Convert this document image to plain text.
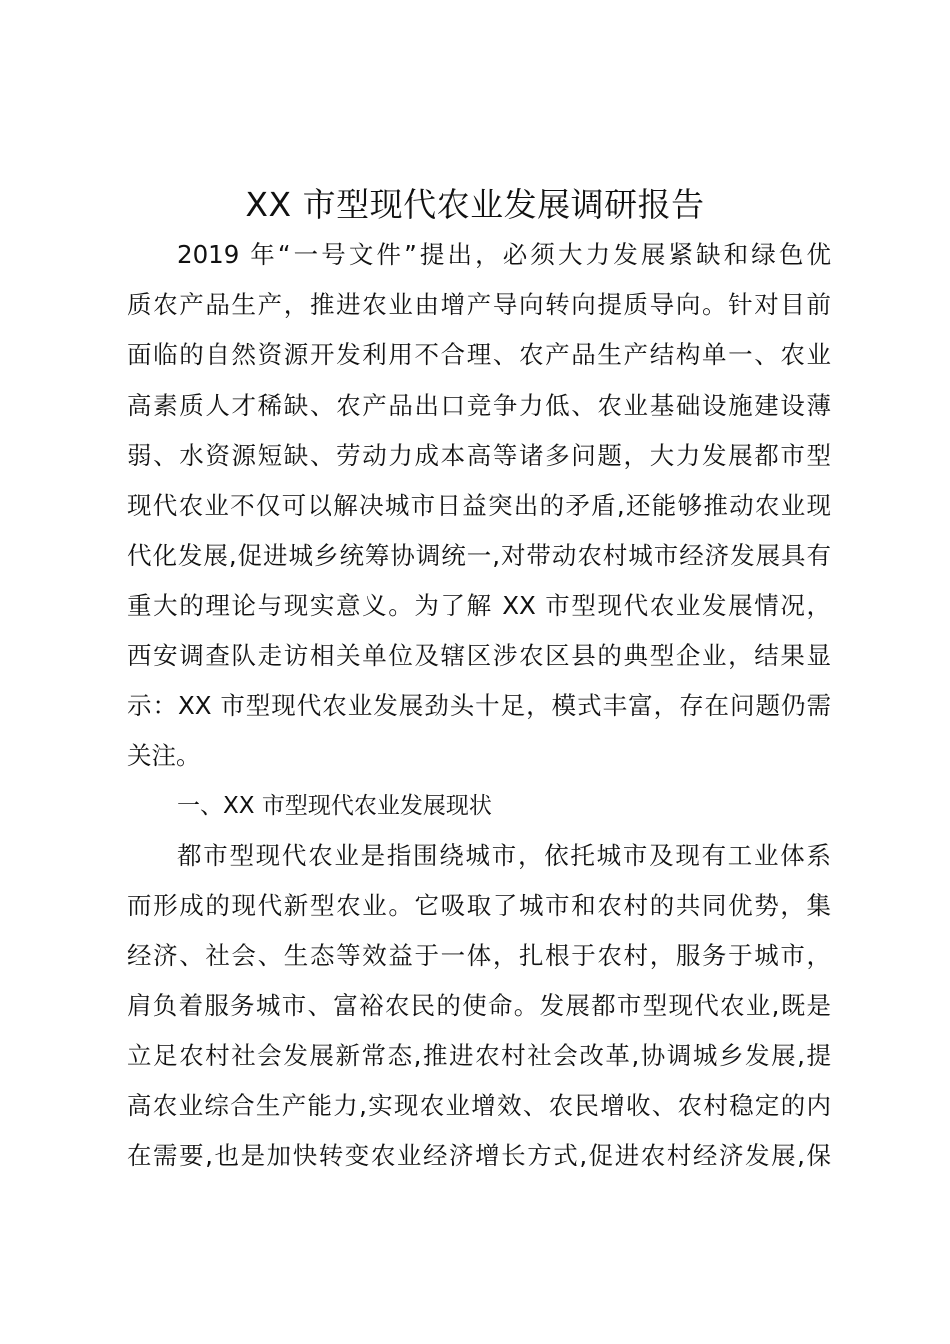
XX 市型现代农业发展调研报告

2019 年“一号文件”提出，必须大力发展紧缺和绿色优

质农产品生产，推进农业由增产导向转向提质导向。针对目前

面临的自然资源开发利用不合理、农产品生产结构单一、农业

高素质人才稀缺、农产品出口竞争力低、农业基础设施建设薄

弱、水资源短缺、劳动力成本高等诸多问题，大力发展都市型

现代农业不仅可以解决城市日益突出的矛盾,还能够推动农业现

代化发展,促进城乡统筹协调统一,对带动农村城市经济发展具有

重大的理论与现实意义。为了解 XX 市型现代农业发展情况，

西安调查队走访相关单位及辖区涉农区县的典型企业，结果显

示：XX 市型现代农业发展劲头十足，模式丰富，存在问题仍需

关注。

一、XX 市型现代农业发展现状

都市型现代农业是指围绕城市，依托城市及现有工业体系

而形成的现代新型农业。它吸取了城市和农村的共同优势，集

经济、社会、生态等效益于一体，扎根于农村，服务于城市，

肩负着服务城市、富裕农民的使命。发展都市型现代农业,既是

立足农村社会发展新常态,推进农村社会改革,协调城乡发展,提

高农业综合生产能力,实现农业增效、农民增收、农村稳定的内

在需要,也是加快转变农业经济增长方式,促进农村经济发展,保
